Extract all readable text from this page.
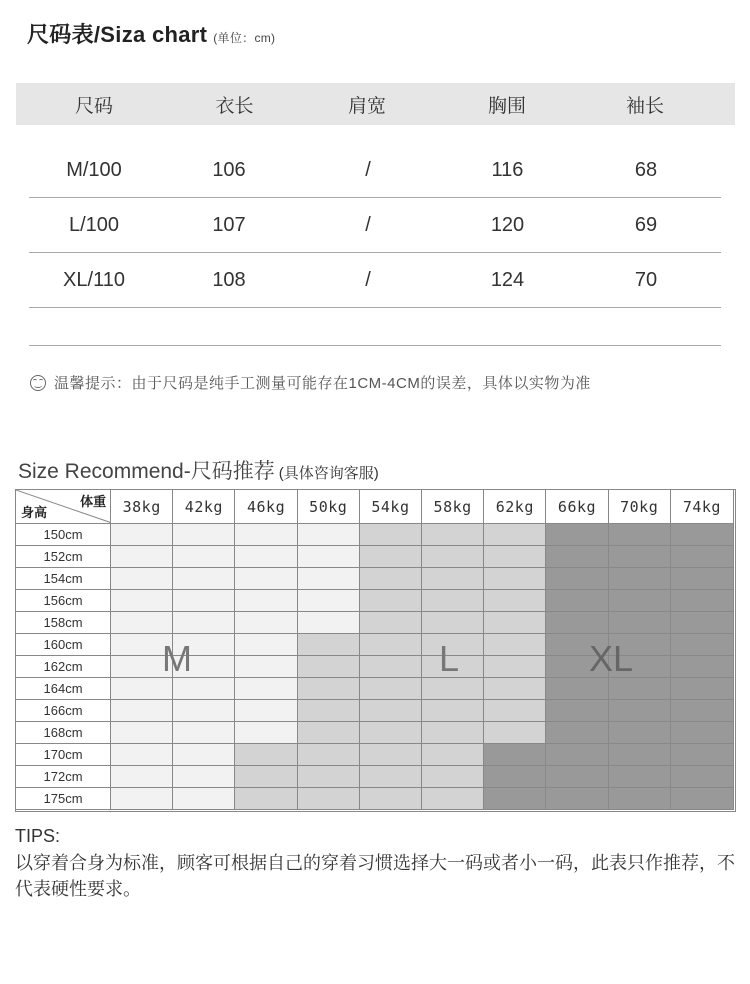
尺码表/Siza chart (单位：cm)
尺码	衣长	肩宽	胸围	袖长
M/100	106	/	116	68
L/100	107	/	120	69
XL/110	108	/	124	70
温馨提示：由于尺码是纯手工测量可能存在1CM-4CM的误差，具体以实物为准
Size Recommend-尺码推荐 (具体咨询客服)
体重
身高	38kg	42kg	46kg	50kg	54kg	58kg	62kg	66kg	70kg	74kg
150cm										
152cm										
154cm										
156cm										
158cm										
160cm										
162cm										
164cm										
166cm										
168cm										
170cm										
172cm										
175cm										
M	L	XL
TIPS:
以穿着合身为标准，顾客可根据自己的穿着习惯选择大一码或者小一码，此表只作推荐，不代表硬性要求。
